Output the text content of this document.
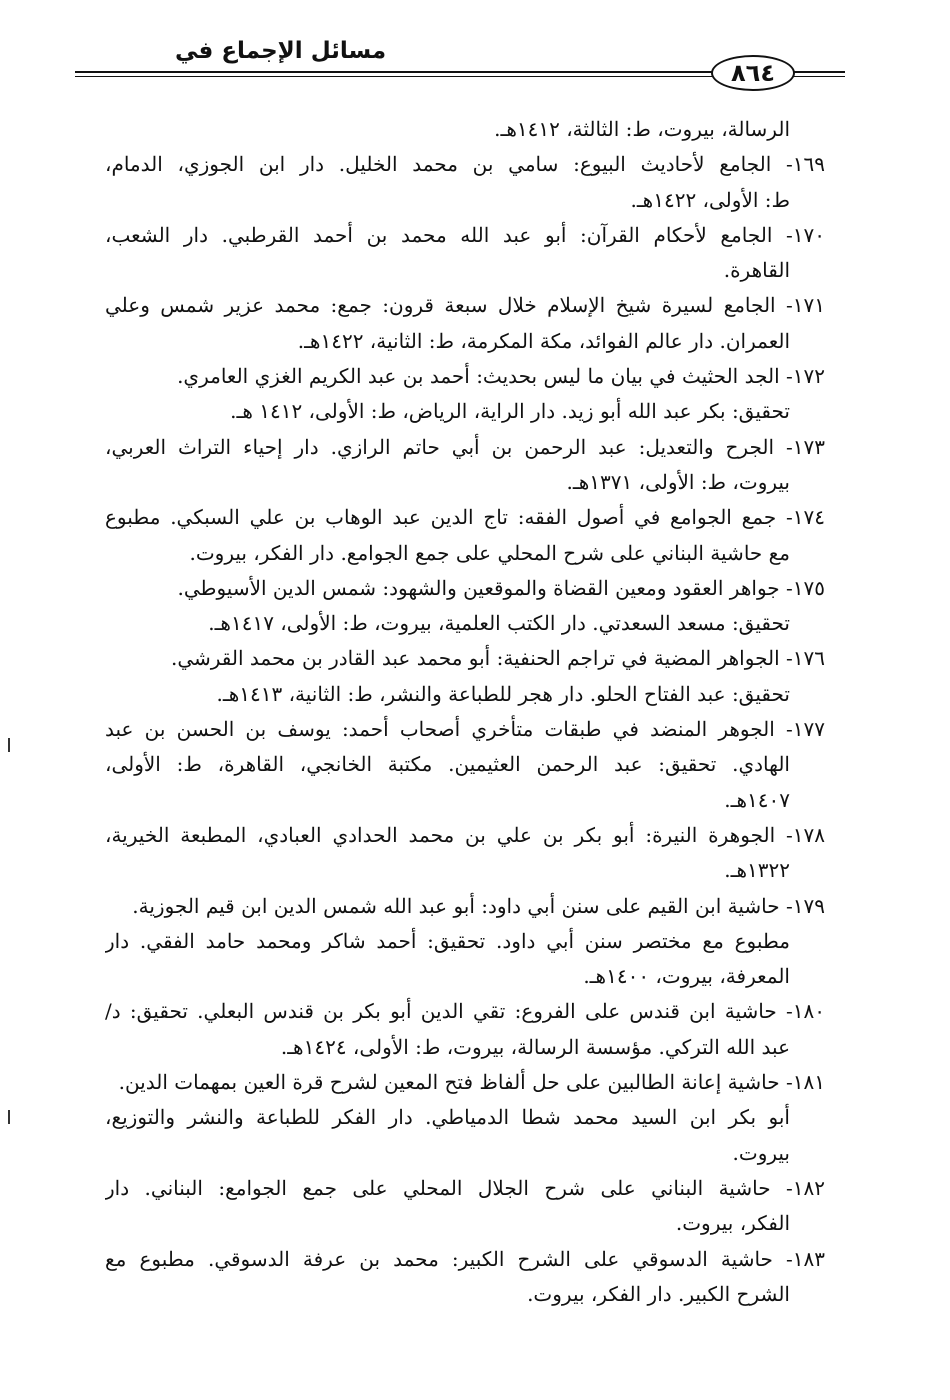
مسائل الإجماع في
٨٦٤
الرسالة، بيروت، ط: الثالثة، ١٤١٢هـ.
١٦٩- الجامع لأحاديث البيوع: سامي بن محمد الخليل. دار ابن الجوزي، الدمام،
ط: الأولى، ١٤٢٢هـ.
١٧٠- الجامع لأحكام القرآن: أبو عبد الله محمد بن أحمد القرطبي. دار الشعب،
القاهرة.
١٧١- الجامع لسيرة شيخ الإسلام خلال سبعة قرون: جمع: محمد عزير شمس وعلي
العمران. دار عالم الفوائد، مكة المكرمة، ط: الثانية، ١٤٢٢هـ.
١٧٢- الجد الحثيث في بيان ما ليس بحديث: أحمد بن عبد الكريم الغزي العامري.
تحقيق: بكر عبد الله أبو زيد. دار الراية، الرياض، ط: الأولى، ١٤١٢ هـ.
١٧٣- الجرح والتعديل: عبد الرحمن بن أبي حاتم الرازي. دار إحياء التراث العربي،
بيروت، ط: الأولى، ١٣٧١هـ.
١٧٤- جمع الجوامع في أصول الفقه: تاج الدين عبد الوهاب بن علي السبكي. مطبوع
مع حاشية البناني على شرح المحلي على جمع الجوامع. دار الفكر، بيروت.
١٧٥- جواهر العقود ومعين القضاة والموقعين والشهود: شمس الدين الأسيوطي.
تحقيق: مسعد السعدتي. دار الكتب العلمية، بيروت، ط: الأولى، ١٤١٧هـ.
١٧٦- الجواهر المضية في تراجم الحنفية: أبو محمد عبد القادر بن محمد القرشي.
تحقيق: عبد الفتاح الحلو. دار هجر للطباعة والنشر، ط: الثانية، ١٤١٣هـ.
١٧٧- الجوهر المنضد في طبقات متأخري أصحاب أحمد: يوسف بن الحسن بن عبد
الهادي. تحقيق: عبد الرحمن العثيمين. مكتبة الخانجي، القاهرة، ط: الأولى،
١٤٠٧هـ.
١٧٨- الجوهرة النيرة: أبو بكر بن علي بن محمد الحدادي العبادي، المطبعة الخيرية،
١٣٢٢هـ.
١٧٩- حاشية ابن القيم على سنن أبي داود: أبو عبد الله شمس الدين ابن قيم الجوزية.
مطبوع مع مختصر سنن أبي داود. تحقيق: أحمد شاكر ومحمد حامد الفقي. دار
المعرفة، بيروت، ١٤٠٠هـ.
١٨٠- حاشية ابن قندس على الفروع: تقي الدين أبو بكر بن قندس البعلي. تحقيق: د/
عبد الله التركي. مؤسسة الرسالة، بيروت، ط: الأولى، ١٤٢٤هـ.
١٨١- حاشية إعانة الطالبين على حل ألفاظ فتح المعين لشرح قرة العين بمهمات الدين.
أبو بكر ابن السيد محمد شطا الدمياطي. دار الفكر للطباعة والنشر والتوزيع،
بيروت.
١٨٢- حاشية البناني على شرح الجلال المحلي على جمع الجوامع: البناني. دار
الفكر، بيروت.
١٨٣- حاشية الدسوقي على الشرح الكبير: محمد بن عرفة الدسوقي. مطبوع مع
الشرح الكبير. دار الفكر، بيروت.
